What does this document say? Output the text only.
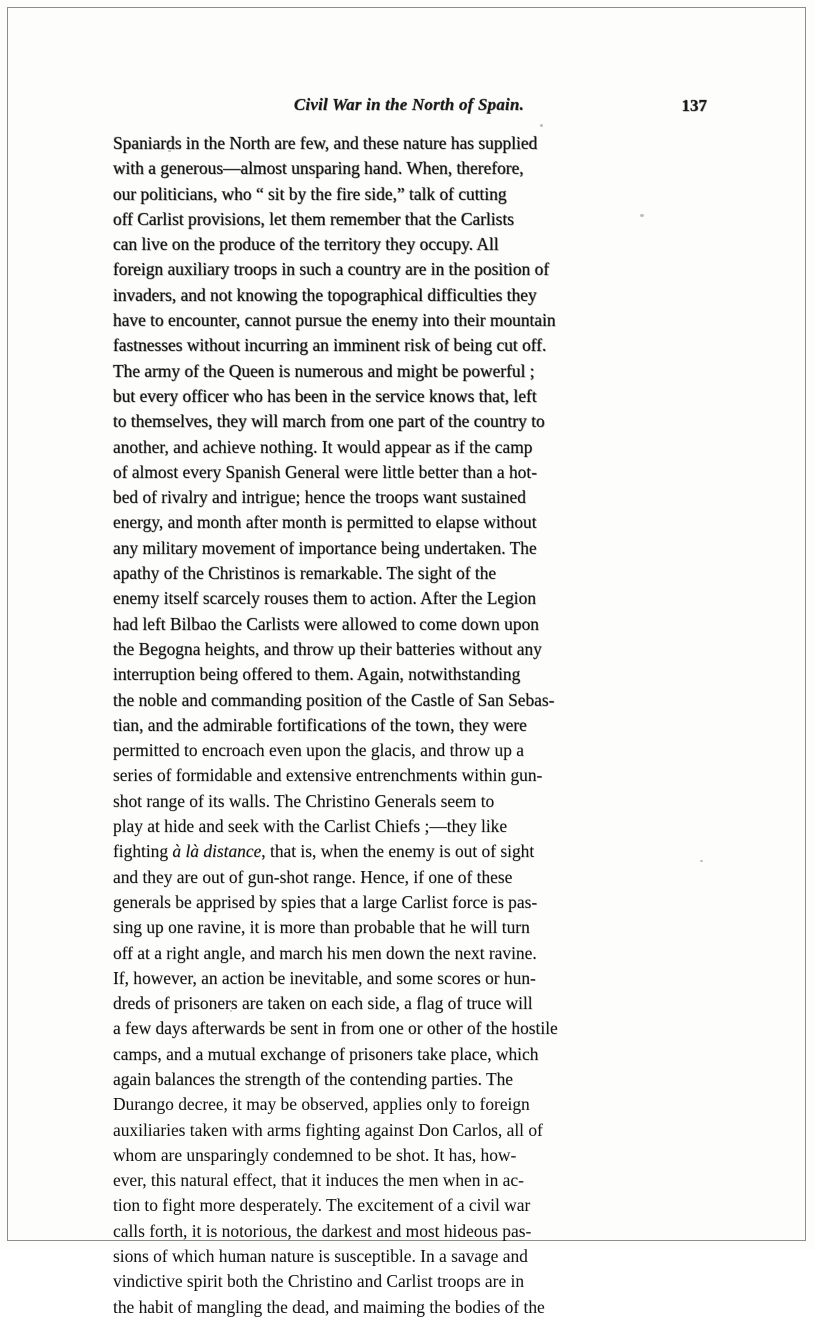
Civil War in the North of Spain.	137

Spaniards in the North are few, and these nature has supplied
with a generous—almost unsparing hand. When, therefore,
our politicians, who “ sit by the fire side,” talk of cutting
off Carlist provisions, let them remember that the Carlists
can live on the produce of the territory they occupy. All
foreign auxiliary troops in such a country are in the position of
invaders, and not knowing the topographical difficulties they
have to encounter, cannot pursue the enemy into their mountain
fastnesses without incurring an imminent risk of being cut off.
The army of the Queen is numerous and might be powerful ;
but every officer who has been in the service knows that, left
to themselves, they will march from one part of the country to
another, and achieve nothing. It would appear as if the camp
of almost every Spanish General were little better than a hot-
bed of rivalry and intrigue; hence the troops want sustained
energy, and month after month is permitted to elapse without
any military movement of importance being undertaken. The
apathy of the Christinos is remarkable. The sight of the
enemy itself scarcely rouses them to action. After the Legion
had left Bilbao the Carlists were allowed to come down upon
the Begogna heights, and throw up their batteries without any
interruption being offered to them. Again, notwithstanding
the noble and commanding position of the Castle of San Sebas-
tian, and the admirable fortifications of the town, they were
permitted to encroach even upon the glacis, and throw up a
series of formidable and extensive entrenchments within gun-
shot range of its walls. The Christino Generals seem to
play at hide and seek with the Carlist Chiefs ;—they like
fighting à là distance, that is, when the enemy is out of sight
and they are out of gun-shot range. Hence, if one of these
generals be apprised by spies that a large Carlist force is pas-
sing up one ravine, it is more than probable that he will turn
off at a right angle, and march his men down the next ravine.
If, however, an action be inevitable, and some scores or hun-
dreds of prisoners are taken on each side, a flag of truce will
a few days afterwards be sent in from one or other of the hostile
camps, and a mutual exchange of prisoners take place, which
again balances the strength of the contending parties. The
Durango decree, it may be observed, applies only to foreign
auxiliaries taken with arms fighting against Don Carlos, all of
whom are unsparingly condemned to be shot. It has, how-
ever, this natural effect, that it induces the men when in ac-
tion to fight more desperately. The excitement of a civil war
calls forth, it is notorious, the darkest and most hideous pas-
sions of which human nature is susceptible. In a savage and
vindictive spirit both the Christino and Carlist troops are in
the habit of mangling the dead, and maiming the bodies of the
